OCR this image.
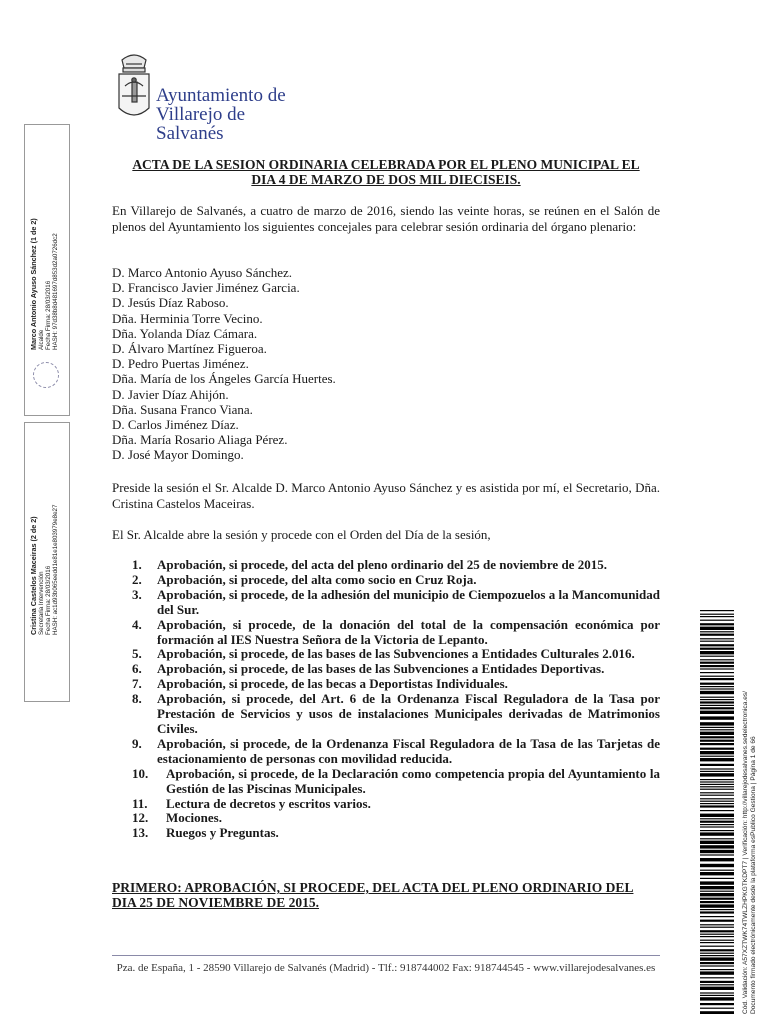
Ayuntamiento de
Villarejo de Salvanés
ACTA DE LA SESION ORDINARIA CELEBRADA POR EL PLENO MUNICIPAL EL
DIA 4 DE MARZO DE DOS MIL DIECISEIS.
En Villarejo de Salvanés, a cuatro de marzo de 2016, siendo las veinte horas, se reúnen en el Salón de plenos del Ayuntamiento los siguientes concejales para celebrar sesión ordinaria del órgano plenario:
D. Marco Antonio Ayuso Sánchez.
D. Francisco Javier Jiménez Garcia.
D. Jesús Díaz Raboso.
Dña. Herminia Torre Vecino.
Dña. Yolanda Díaz Cámara.
D. Álvaro Martínez Figueroa.
D. Pedro Puertas Jiménez.
Dña. María de los Ángeles García Huertes.
D. Javier Díaz Ahijón.
Dña. Susana Franco Viana.
D. Carlos Jiménez Díaz.
Dña. María Rosario Aliaga Pérez.
D. José Mayor Domingo.
Preside la sesión el Sr. Alcalde D. Marco Antonio Ayuso Sánchez y es asistida por mí, el Secretario, Dña. Cristina Castelos Maceiras.
El Sr. Alcalde abre la sesión y procede con el Orden del Día de la sesión,
1. Aprobación, si procede, del acta del pleno ordinario del 25 de noviembre de 2015.
2. Aprobación, si procede, del alta como socio en Cruz Roja.
3. Aprobación, si procede, de la adhesión del municipio de Ciempozuelos a la Mancomunidad del Sur.
4. Aprobación, si procede, de la donación del total de la compensación económica por formación al IES Nuestra Señora de la Victoria de Lepanto.
5. Aprobación, si procede, de las bases de las Subvenciones a Entidades Culturales 2.016.
6. Aprobación, si procede, de las bases de las Subvenciones a Entidades Deportivas.
7. Aprobación, si procede, de las becas a Deportistas Individuales.
8. Aprobación, si procede, del Art. 6 de la Ordenanza Fiscal Reguladora de la Tasa por Prestación de Servicios y usos de instalaciones Municipales derivadas de Matrimonios Civiles.
9. Aprobación, si procede, de la Ordenanza Fiscal Reguladora de la Tasa de las Tarjetas de estacionamiento de personas con movilidad reducida.
10.	Aprobación, si procede, de la Declaración como competencia propia del Ayuntamiento la Gestión de las Piscinas Municipales.
11.	Lectura de decretos y escritos varios.
12.	Mociones.
13.	Ruegos y Preguntas.
PRIMERO: APROBACIÓN, SI PROCEDE, DEL ACTA DEL PLENO ORDINARIO DEL DIA 25 DE NOVIEMBRE DE 2015.
Pza. de España, 1 - 28590 Villarejo de Salvanés (Madrid) - Tlf.: 918744002 Fax: 918744545 - www.villarejodesalvanes.es
Marco Antonio Ayuso Sánchez (1 de 2) Alcalde Fecha Firma: 28/03/2016 HASH: 97d38b8d481697d853d2a0726dc2
Cristina Castelos Maceiras (2 de 2) Secretaria Intervención Fecha Firma: 28/03/2016 HASH: ac1d93b065eedd1e81e1e803979e8e27
Cód. Validación: A57XZTWK74TWLZHPKGTKDPT7 | Verificación: http://villarejodesalvanes.sedelectronica.es/ Documento firmado electrónicamente desde la plataforma esPublico Gestiona | Página 1 de 66
